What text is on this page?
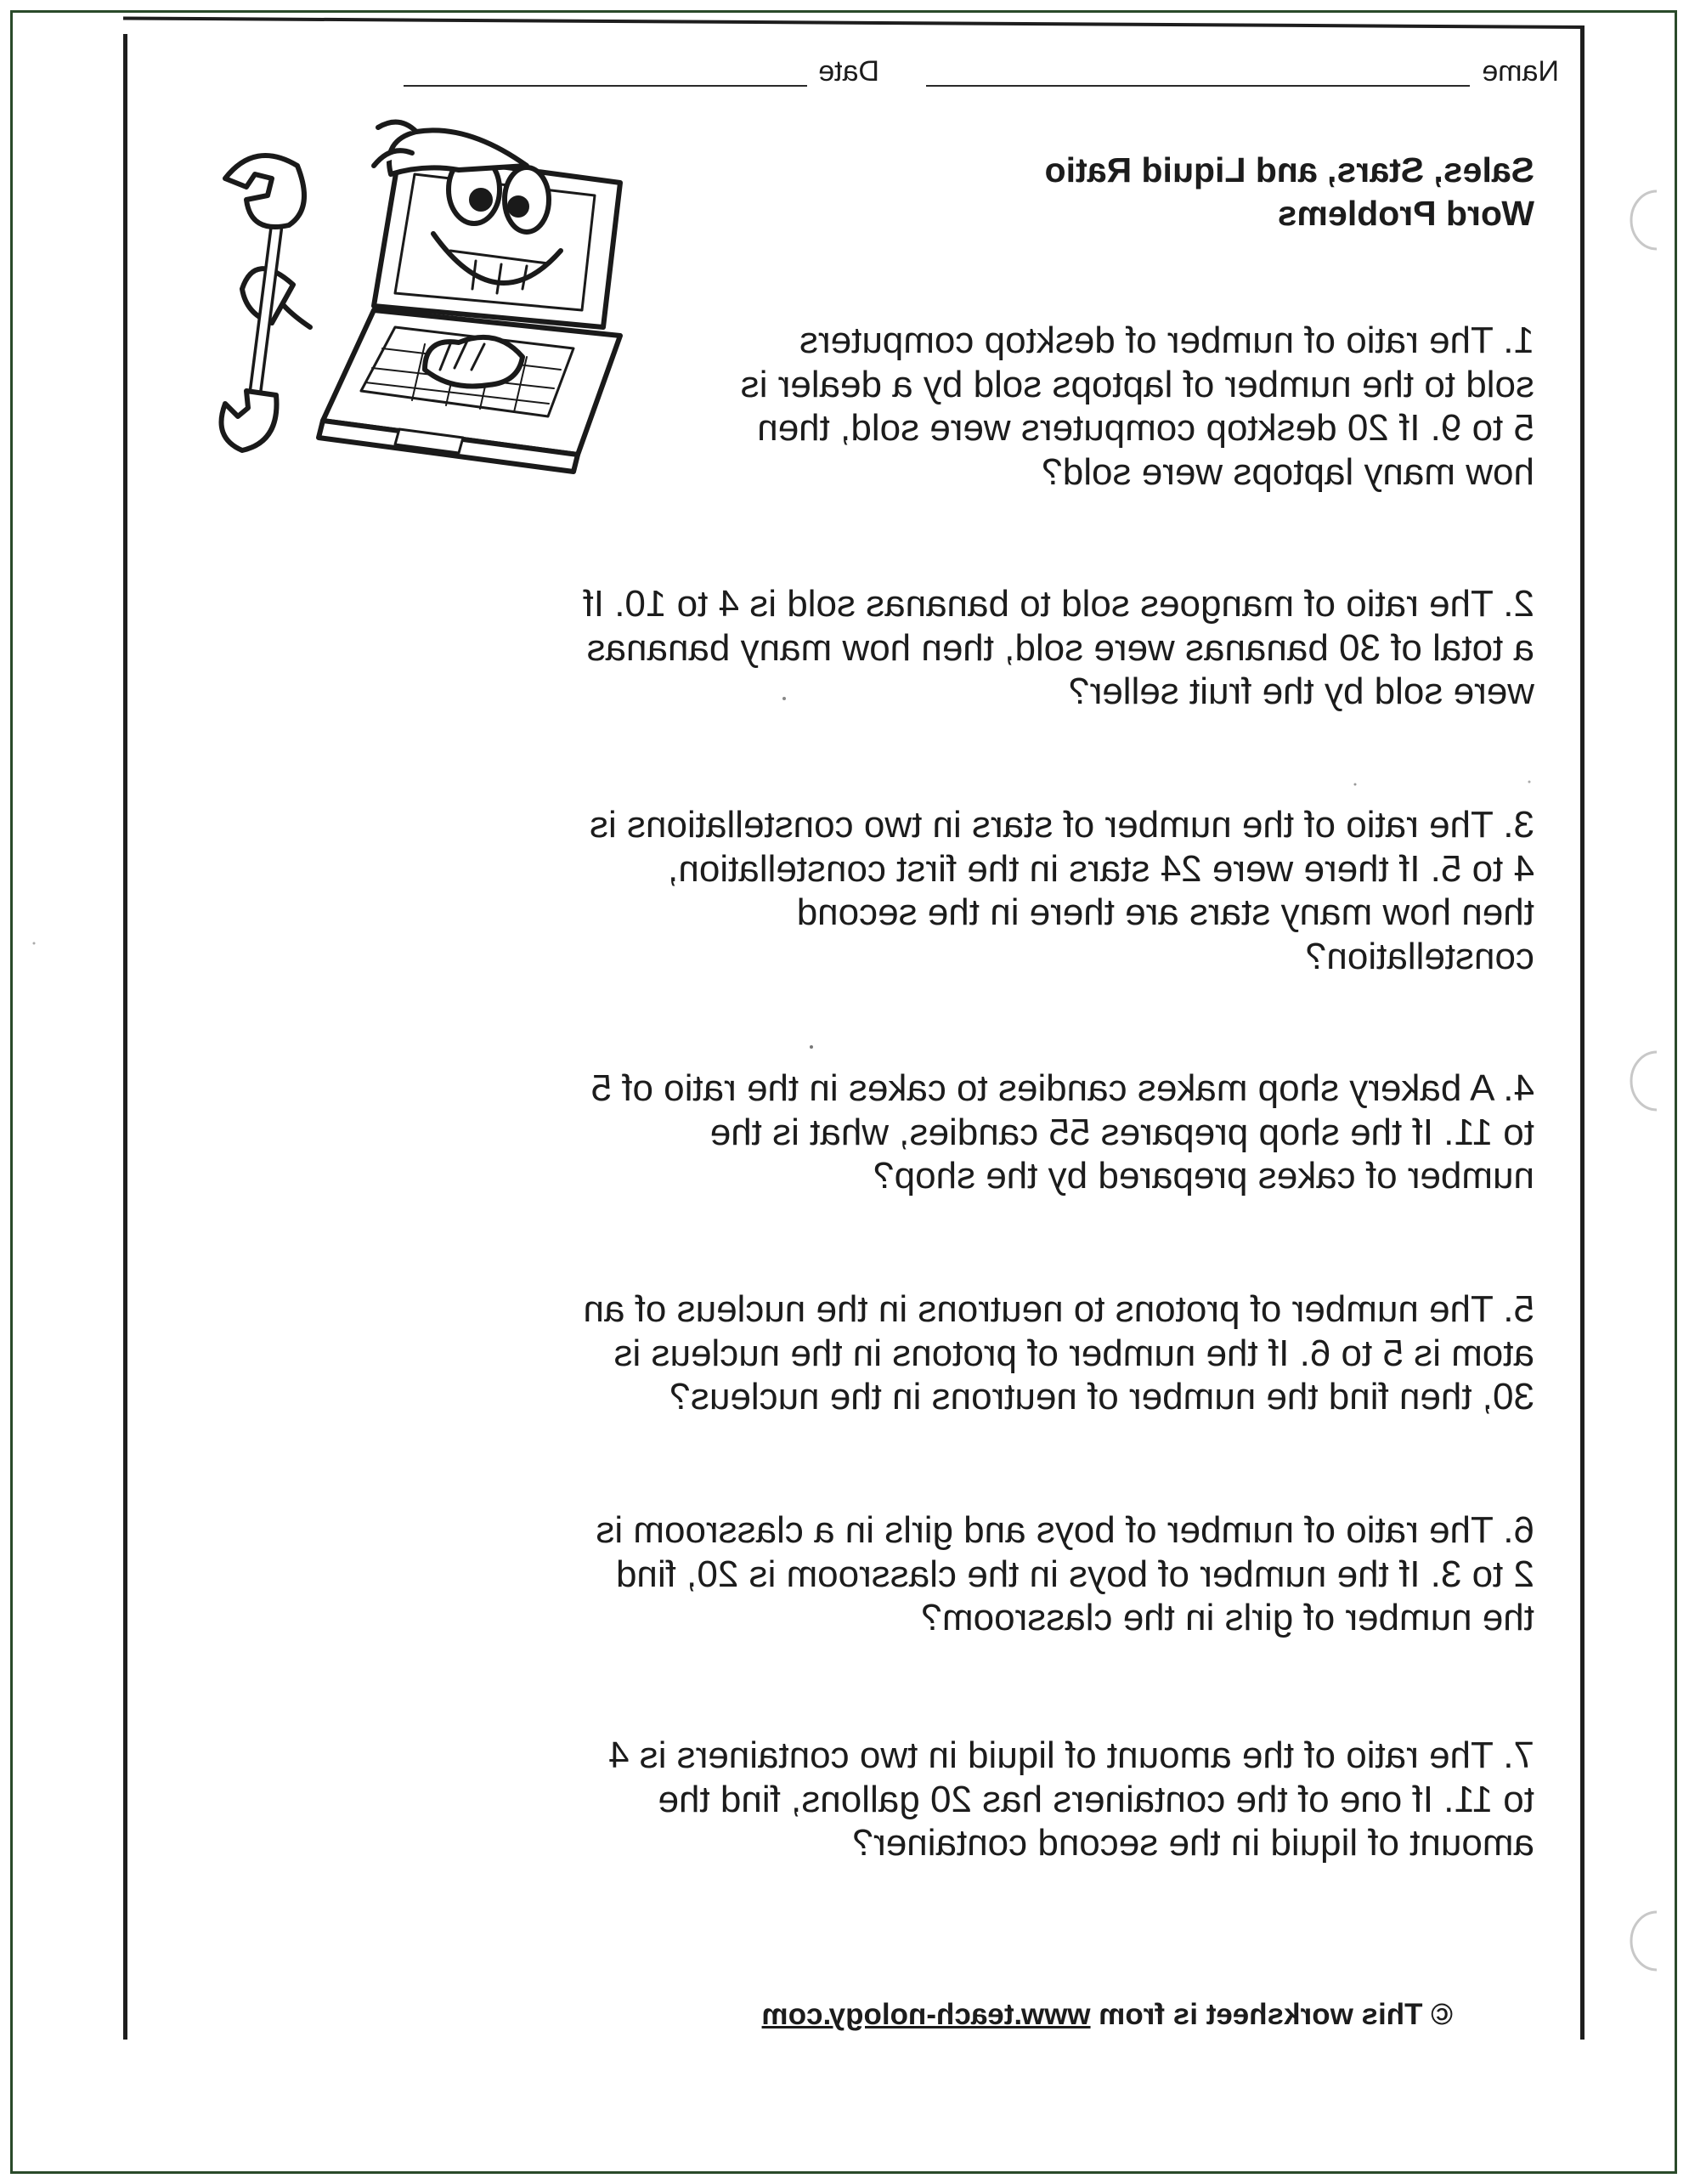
Name
Date
Sales, Stars, and Liquid Ratio
Word Problems
1. The ratio of number of desktop computers
sold to the number of laptops sold by a dealer is
5 to 9. If 20 desktop computers were sold, then
how many laptops were sold?
2. The ratio of mangoes sold to bananas sold is 4 to 10. If
a total of 30 bananas were sold, then how many bananas
were sold by the fruit seller?
3. The ratio of the number of stars in two constellations is
4 to 5. If there were 24 stars in the first constellation,
then how many stars are there in the second
constellation?
4. A bakery shop makes candies to cakes in the ratio of 5
to 11. If the shop prepares 55 candies, what is the
number of cakes prepared by the shop?
5. The number of protons to neutrons in the nucleus of an
atom is 5 to 6. If the number of protons in the nucleus is
30, then find the number of neutrons in the nucleus?
6. The ratio of number of boys and girls in a classroom is
2 to 3. If the number of boys in the classroom is 20, find
the number of girls in the classroom?
7. The ratio of the amount of liquid in two containers is 4
to 11. If one of the containers has 20 gallons, find the
amount of liquid in the second container?
© This worksheet is from www.teach-nology.com
